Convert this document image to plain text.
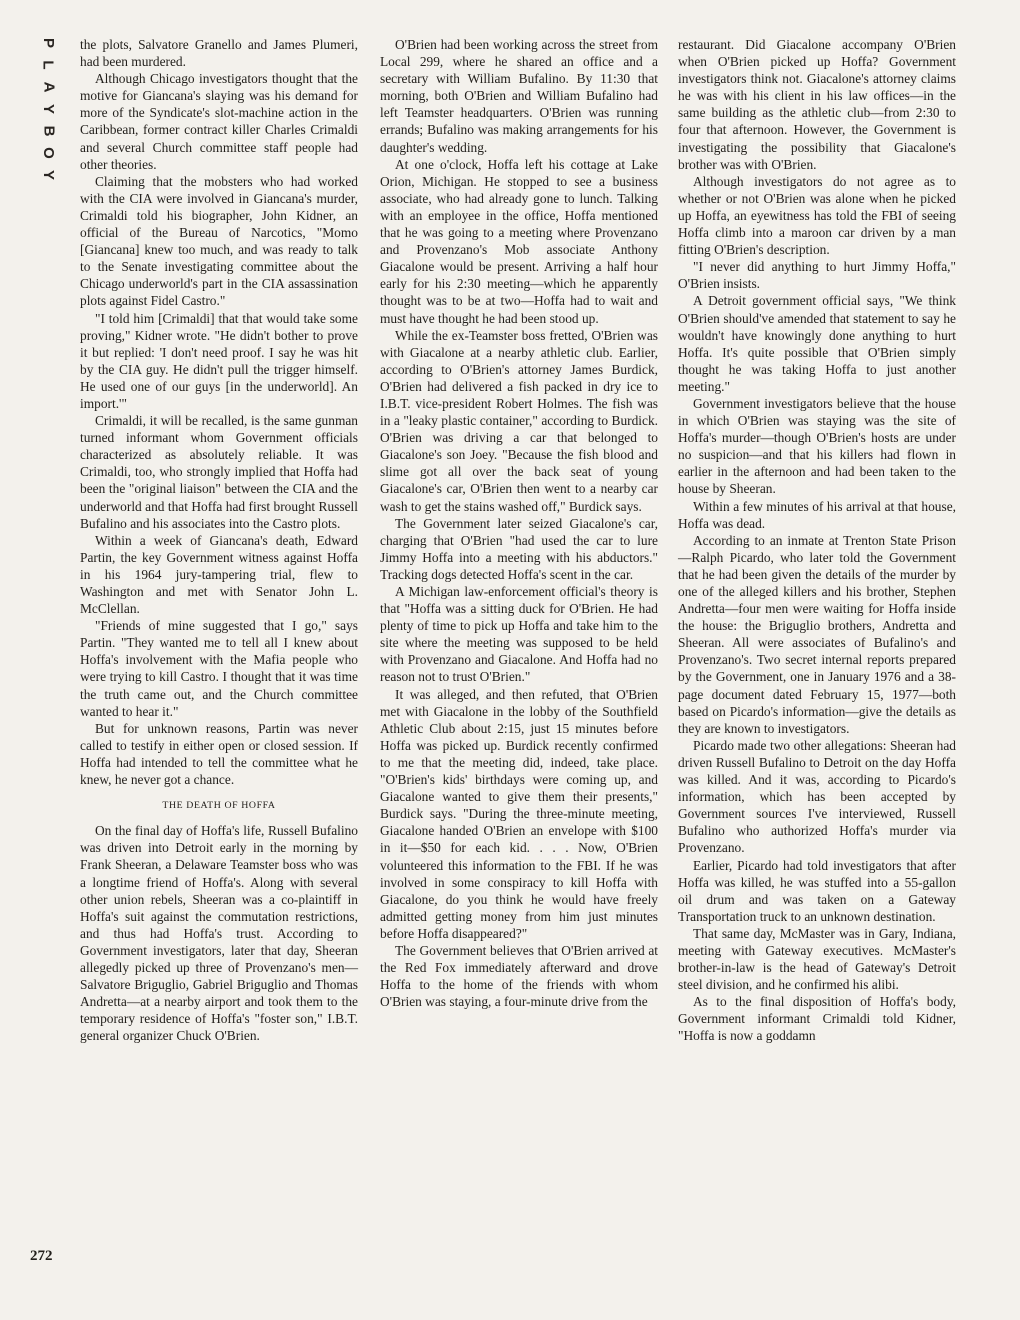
P
L
A
Y
B
O
Y

the plots, Salvatore Granello and James Plumeri, had been murdered.

Although Chicago investigators thought that the motive for Giancana's slaying was his demand for more of the Syndicate's slot-machine action in the Caribbean, former contract killer Charles Crimaldi and several Church committee staff people had other theories.

Claiming that the mobsters who had worked with the CIA were involved in Giancana's murder, Crimaldi told his biographer, John Kidner, an official of the Bureau of Narcotics, "Momo [Giancana] knew too much, and was ready to talk to the Senate investigating committee about the Chicago underworld's part in the CIA assassination plots against Fidel Castro."

"I told him [Crimaldi] that that would take some proving," Kidner wrote. "He didn't bother to prove it but replied: 'I don't need proof. I say he was hit by the CIA guy. He didn't pull the trigger himself. He used one of our guys [in the underworld]. An import.'"

Crimaldi, it will be recalled, is the same gunman turned informant whom Government officials characterized as absolutely reliable. It was Crimaldi, too, who strongly implied that Hoffa had been the "original liaison" between the CIA and the underworld and that Hoffa had first brought Russell Bufalino and his associates into the Castro plots.

Within a week of Giancana's death, Edward Partin, the key Government witness against Hoffa in his 1964 jury-tampering trial, flew to Washington and met with Senator John L. McClellan.

"Friends of mine suggested that I go," says Partin. "They wanted me to tell all I knew about Hoffa's involvement with the Mafia people who were trying to kill Castro. I thought that it was time the truth came out, and the Church committee wanted to hear it."

But for unknown reasons, Partin was never called to testify in either open or closed session. If Hoffa had intended to tell the committee what he knew, he never got a chance.

THE DEATH OF HOFFA

On the final day of Hoffa's life, Russell Bufalino was driven into Detroit early in the morning by Frank Sheeran, a Delaware Teamster boss who was a longtime friend of Hoffa's. Along with several other union rebels, Sheeran was a co-plaintiff in Hoffa's suit against the commutation restrictions, and thus had Hoffa's trust. According to Government investigators, later that day, Sheeran allegedly picked up three of Provenzano's men—Salvatore Briguglio, Gabriel Briguglio and Thomas Andretta—at a nearby airport and took them to the temporary residence of Hoffa's "foster son," I.B.T. general organizer Chuck O'Brien.

O'Brien had been working across the street from Local 299, where he shared an office and a secretary with William Bufalino. By 11:30 that morning, both O'Brien and William Bufalino had left Teamster headquarters. O'Brien was running errands; Bufalino was making arrangements for his daughter's wedding.

At one o'clock, Hoffa left his cottage at Lake Orion, Michigan. He stopped to see a business associate, who had already gone to lunch. Talking with an employee in the office, Hoffa mentioned that he was going to a meeting where Provenzano and Provenzano's Mob associate Anthony Giacalone would be present. Arriving a half hour early for his 2:30 meeting—which he apparently thought was to be at two—Hoffa had to wait and must have thought he had been stood up.

While the ex-Teamster boss fretted, O'Brien was with Giacalone at a nearby athletic club. Earlier, according to O'Brien's attorney James Burdick, O'Brien had delivered a fish packed in dry ice to I.B.T. vice-president Robert Holmes. The fish was in a "leaky plastic container," according to Burdick. O'Brien was driving a car that belonged to Giacalone's son Joey. "Because the fish blood and slime got all over the back seat of young Giacalone's car, O'Brien then went to a nearby car wash to get the stains washed off," Burdick says.

The Government later seized Giacalone's car, charging that O'Brien "had used the car to lure Jimmy Hoffa into a meeting with his abductors." Tracking dogs detected Hoffa's scent in the car.

A Michigan law-enforcement official's theory is that "Hoffa was a sitting duck for O'Brien. He had plenty of time to pick up Hoffa and take him to the site where the meeting was supposed to be held with Provenzano and Giacalone. And Hoffa had no reason not to trust O'Brien."

It was alleged, and then refuted, that O'Brien met with Giacalone in the lobby of the Southfield Athletic Club about 2:15, just 15 minutes before Hoffa was picked up. Burdick recently confirmed to me that the meeting did, indeed, take place. "O'Brien's kids' birthdays were coming up, and Giacalone wanted to give them their presents," Burdick says. "During the three-minute meeting, Giacalone handed O'Brien an envelope with $100 in it—$50 for each kid. . . . Now, O'Brien volunteered this information to the FBI. If he was involved in some conspiracy to kill Hoffa with Giacalone, do you think he would have freely admitted getting money from him just minutes before Hoffa disappeared?"

The Government believes that O'Brien arrived at the Red Fox immediately afterward and drove Hoffa to the home of the friends with whom O'Brien was staying, a four-minute drive from the

restaurant. Did Giacalone accompany O'Brien when O'Brien picked up Hoffa? Government investigators think not. Giacalone's attorney claims he was with his client in his law offices—in the same building as the athletic club—from 2:30 to four that afternoon. However, the Government is investigating the possibility that Giacalone's brother was with O'Brien.

Although investigators do not agree as to whether or not O'Brien was alone when he picked up Hoffa, an eyewitness has told the FBI of seeing Hoffa climb into a maroon car driven by a man fitting O'Brien's description.

"I never did anything to hurt Jimmy Hoffa," O'Brien insists.

A Detroit government official says, "We think O'Brien should've amended that statement to say he wouldn't have knowingly done anything to hurt Hoffa. It's quite possible that O'Brien simply thought he was taking Hoffa to just another meeting."

Government investigators believe that the house in which O'Brien was staying was the site of Hoffa's murder—though O'Brien's hosts are under no suspicion—and that his killers had flown in earlier in the afternoon and had been taken to the house by Sheeran.

Within a few minutes of his arrival at that house, Hoffa was dead.

According to an inmate at Trenton State Prison—Ralph Picardo, who later told the Government that he had been given the details of the murder by one of the alleged killers and his brother, Stephen Andretta—four men were waiting for Hoffa inside the house: the Briguglio brothers, Andretta and Sheeran. All were associates of Bufalino's and Provenzano's. Two secret internal reports prepared by the Government, one in January 1976 and a 38-page document dated February 15, 1977—both based on Picardo's information—give the details as they are known to investigators.

Picardo made two other allegations: Sheeran had driven Russell Bufalino to Detroit on the day Hoffa was killed. And it was, according to Picardo's information, which has been accepted by Government sources I've interviewed, Russell Bufalino who authorized Hoffa's murder via Provenzano.

Earlier, Picardo had told investigators that after Hoffa was killed, he was stuffed into a 55-gallon oil drum and was taken on a Gateway Transportation truck to an unknown destination.

That same day, McMaster was in Gary, Indiana, meeting with Gateway executives. McMaster's brother-in-law is the head of Gateway's Detroit steel division, and he confirmed his alibi.

As to the final disposition of Hoffa's body, Government informant Crimaldi told Kidner, "Hoffa is now a goddamn

272
